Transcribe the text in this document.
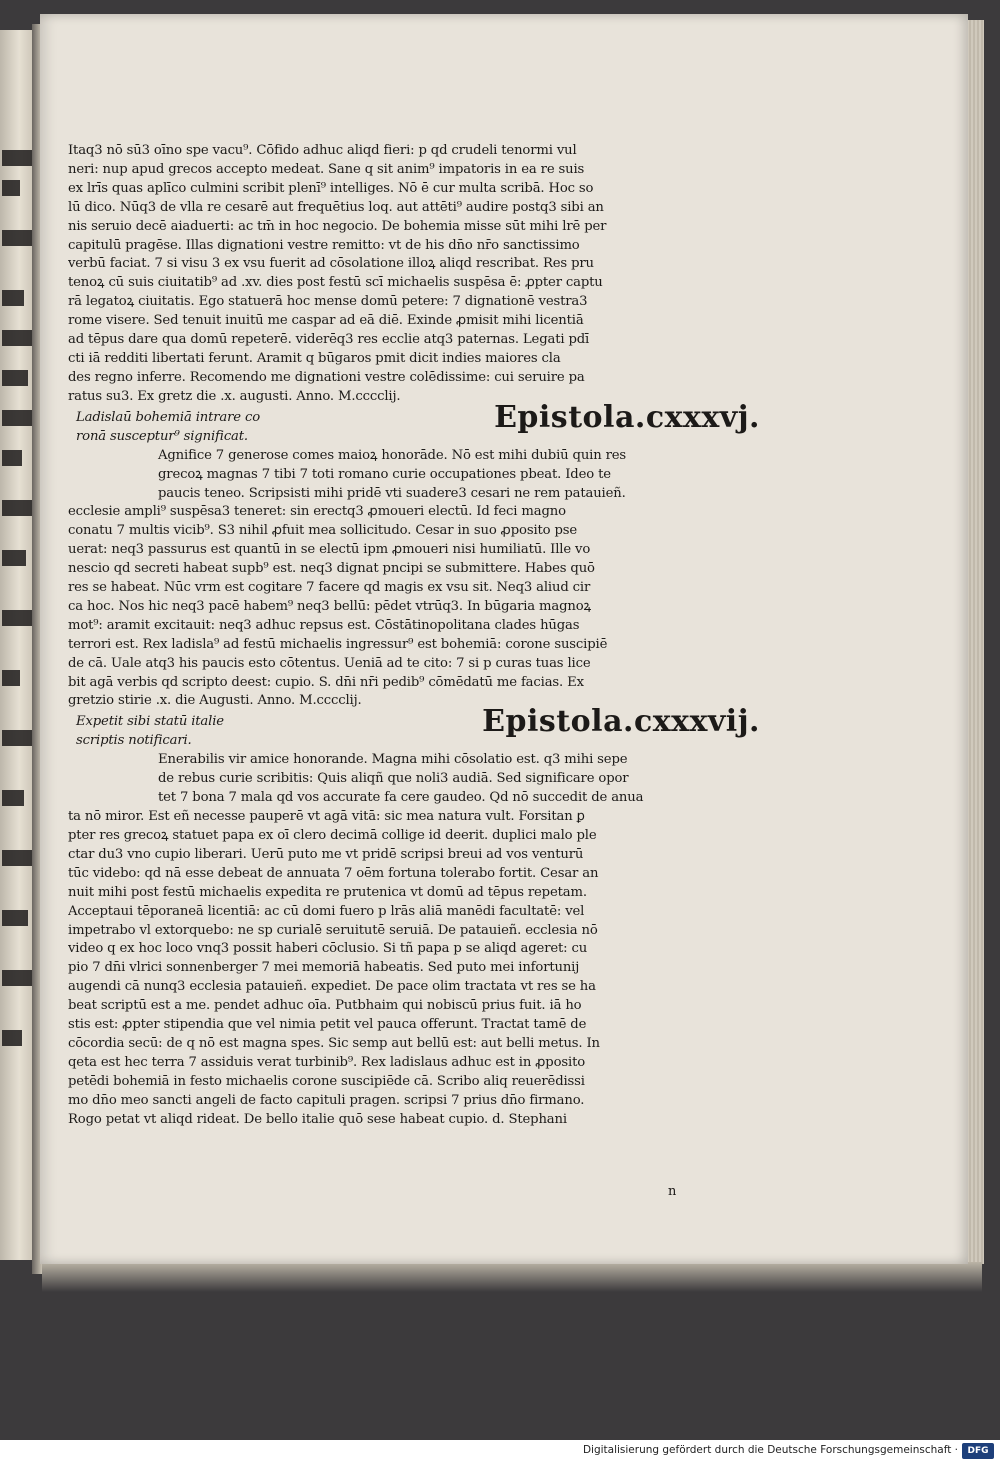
Itaq3 nō sū3 oīno spe vacu⁹. Cōfido adhuc aliqd fieri: p qd crudeli tenormi vul
neri: nup apud grecos accepto medeat. Sane q sit anim⁹ impatoris in ea re suis
ex lrīs quas aplīco culmini scribit plenī⁹ intelliges. Nō ē cur multa scribā. Hoc so
lū dico. Nūq3 de vlla re cesarē aut frequētius loq. aut attēti⁹ audire postq3 sibi an
nis seruio decē aiaduerti: ac tm̄ in hoc negocio. De bohemia misse sūt mihi lrē per
capitulū pragēse. Illas dignationi vestre remitto: vt de his dn̄o nr̄o sanctissimo
verbū faciat. 7 si visu 3 ex vsu fuerit ad cōsolatione illoꝝ aliqd rescribat. Res pru
tenoꝝ cū suis ciuitatib⁹ ad .xv. dies post festū scī michaelis suspēsa ē: ꝓpter captu
rā legatoꝝ ciuitatis. Ego statuerā hoc mense domū petere: 7 dignationē vestra3
rome visere. Sed tenuit inuitū me caspar ad eā diē. Exinde ꝓmisit mihi licentiā
ad tēpus dare qua domū repeterē. viderēq3 res ecclie atq3 paternas. Legati pdī
cti iā redditi libertati ferunt. Aramit q būgaros pmit dicit indies maiores cla
des regno inferre. Recomendo me dignationi vestre colēdissime: cui seruire pa
ratus su3. Ex gretz die .x. augusti. Anno. M.cccclij.
Ladislaū bohemiā intrare co
ronā susceptur⁹ significat.
Epistola.cxxxvj.
Agnifice 7 generose comes maioꝝ honorāde. Nō est mihi dubiū quin res
grecoꝝ magnas 7 tibi 7 toti romano curie occupationes pbeat. Ideo te
paucis teneo. Scripsisti mihi pridē vti suadere3 cesari ne rem patauieñ.
ecclesie ampli⁹ suspēsa3 teneret: sin erectq3 ꝓmoueri electū. Id feci magno
conatu 7 multis vicib⁹. S3 nihil ꝓfuit mea sollicitudo. Cesar in suo ꝓposito pse
uerat: neq3 passurus est quantū in se electū ipm ꝓmoueri nisi humiliatū. Ille vo
nescio qd secreti habeat supb⁹ est. neq3 dignat pncipi se submittere. Habes quō
res se habeat. Nūc vrm est cogitare 7 facere qd magis ex vsu sit. Neq3 aliud cir
ca hoc. Nos hic neq3 pacē habem⁹ neq3 bellū: pēdet vtrūq3. In būgaria magnoꝝ
mot⁹: aramit excitauit: neq3 adhuc repsus est. Cōstātinopolitana clades hūgas
terrori est. Rex ladisla⁹ ad festū michaelis ingressur⁹ est bohemiā: corone suscipiē
de cā. Uale atq3 his paucis esto cōtentus. Ueniā ad te cito: 7 si p curas tuas lice
bit agā verbis qd scripto deest: cupio. S. dn̄i nr̄i pedib⁹ cōmēdatū me facias. Ex
gretzio stirie .x. die Augusti. Anno. M.cccclij.
Expetit sibi statū italie
scriptis notificari.
Epistola.cxxxvij.
Enerabilis vir amice honorande. Magna mihi cōsolatio est. q3 mihi sepe
de rebus curie scribitis: Quis aliqñ que noli3 audiā. Sed significare opor
tet 7 bona 7 mala qd vos accurate fa cere gaudeo. Qd nō succedit de anua
ta nō miror. Est eñ necesse pauperē vt agā vitā: sic mea natura vult. Forsitan ꝑ
pter res grecoꝝ statuet papa ex oī clero decimā collige id deerit. duplici malo ple
ctar du3 vno cupio liberari. Uerū puto me vt pridē scripsi breui ad vos venturū
tūc videbo: qd nā esse debeat de annuata 7 oēm fortuna tolerabo fortit. Cesar an
nuit mihi post festū michaelis expedita re prutenica vt domū ad tēpus repetam.
Acceptaui tēporaneā licentiā: ac cū domi fuero p lrās aliā manēdi facultatē: vel
impetrabo vl extorquebo: ne sp curialē seruitutē seruiā. De patauieñ. ecclesia nō
video q ex hoc loco vnq3 possit haberi cōclusio. Si tñ papa p se aliqd ageret: cu
pio 7 dn̄i vlrici sonnenberger 7 mei memoriā habeatis. Sed puto mei infortunij
augendi cā nunq3 ecclesia patauieñ. expediet. De pace olim tractata vt res se ha
beat scriptū est a me. pendet adhuc oīa. Putbhaim qui nobiscū prius fuit. iā ho
stis est: ꝓpter stipendia que vel nimia petit vel pauca offerunt. Tractat tamē de
cōcordia secū: de q nō est magna spes. Sic semp aut bellū est: aut belli metus. In
qeta est hec terra 7 assiduis verat turbinib⁹. Rex ladislaus adhuc est in ꝓposito
petēdi bohemiā in festo michaelis corone suscipiēde cā. Scribo aliq reuerēdissi
mo dn̄o meo sancti angeli de facto capituli pragen. scripsi 7 prius dn̄o firmano.
Rogo petat vt aliqd rideat. De bello italie quō sese habeat cupio. d. Stephani
n
Digitalisierung gefördert durch die Deutsche Forschungsgemeinschaft ·	DFG
